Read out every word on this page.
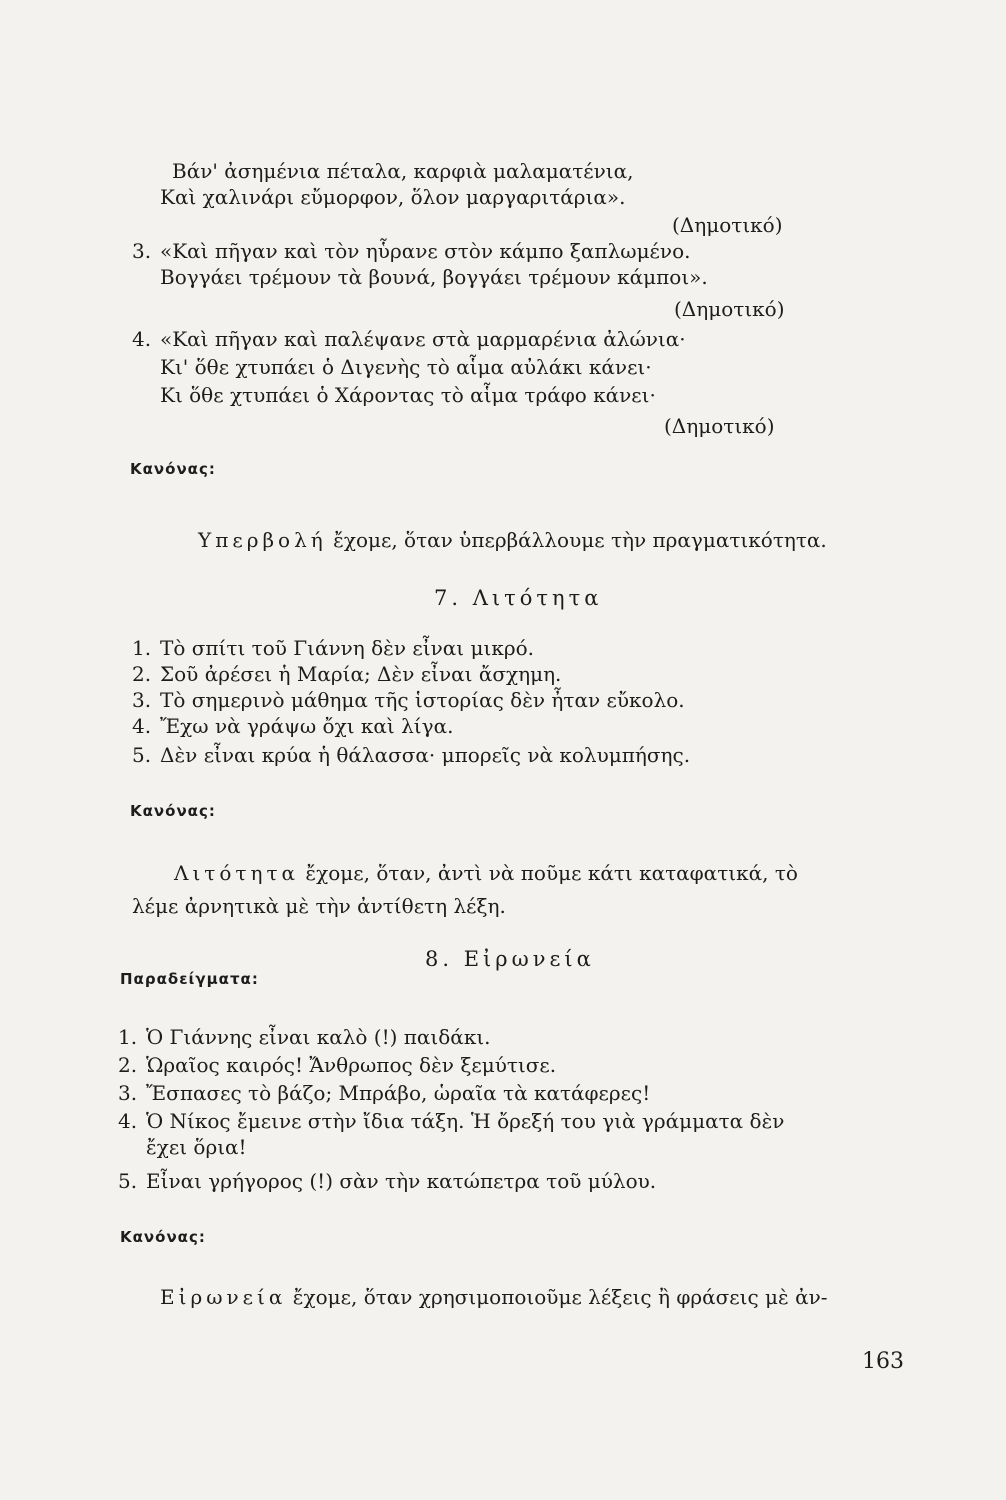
Βάν' ἀσημένια πέταλα, καρφιὰ μαλαματένια,
Καὶ χαλινάρι εὔμορφον, ὅλον μαργαριτάρια».
(Δημοτικό)
3. «Καὶ πῆγαν καὶ τὸν ηὗρανε στὸν κάμπο ξαπλωμένο.
Βογγάει τρέμουν τὰ βουνά, βογγάει τρέμουν κάμποι».
(Δημοτικό)
4. «Καὶ πῆγαν καὶ παλέψανε στὰ μαρμαρένια ἀλώνια·
Κι' ὅθε χτυπάει ὁ Διγενὴς τὸ αἷμα αὐλάκι κάνει·
Κι ὅθε χτυπάει ὁ Χάροντας τὸ αἷμα τράφο κάνει·
(Δημοτικό)
Κανόνας:
Υπερβολή ἔχομε, ὅταν ὑπερβάλλουμε τὴν πραγματικότητα.
7. Λιτότητα
1. Τὸ σπίτι τοῦ Γιάννη δὲν εἶναι μικρό.
2. Σοῦ ἀρέσει ἡ Μαρία; Δὲν εἶναι ἄσχημη.
3. Τὸ σημερινὸ μάθημα τῆς ἱστορίας δὲν ἦταν εὔκολο.
4. Ἔχω νὰ γράψω ὄχι καὶ λίγα.
5. Δὲν εἶναι κρύα ἡ θάλασσα· μπορεῖς νὰ κολυμπήσης.
Κανόνας:
Λιτότητα ἔχομε, ὅταν, ἀντὶ νὰ ποῦμε κάτι καταφατικά, τὸ
λέμε ἀρνητικὰ μὲ τὴν ἀντίθετη λέξη.
8. Εἰρωνεία
Παραδείγματα:
1. Ὁ Γιάννης εἶναι καλὸ (!) παιδάκι.
2. Ὡραῖος καιρός! Ἄνθρωπος δὲν ξεμύτισε.
3. Ἔσπασες τὸ βάζο; Μπράβο, ὡραῖα τὰ κατάφερες!
4. Ὁ Νίκος ἔμεινε στὴν ἴδια τάξη. Ἡ ὄρεξή του γιὰ γράμματα δὲν
ἔχει ὅρια!
5. Εἶναι γρήγορος (!) σὰν τὴν κατώπετρα τοῦ μύλου.
Κανόνας:
Εἰρωνεία ἔχομε, ὅταν χρησιμοποιοῦμε λέξεις ἢ φράσεις μὲ ἀν-
163
